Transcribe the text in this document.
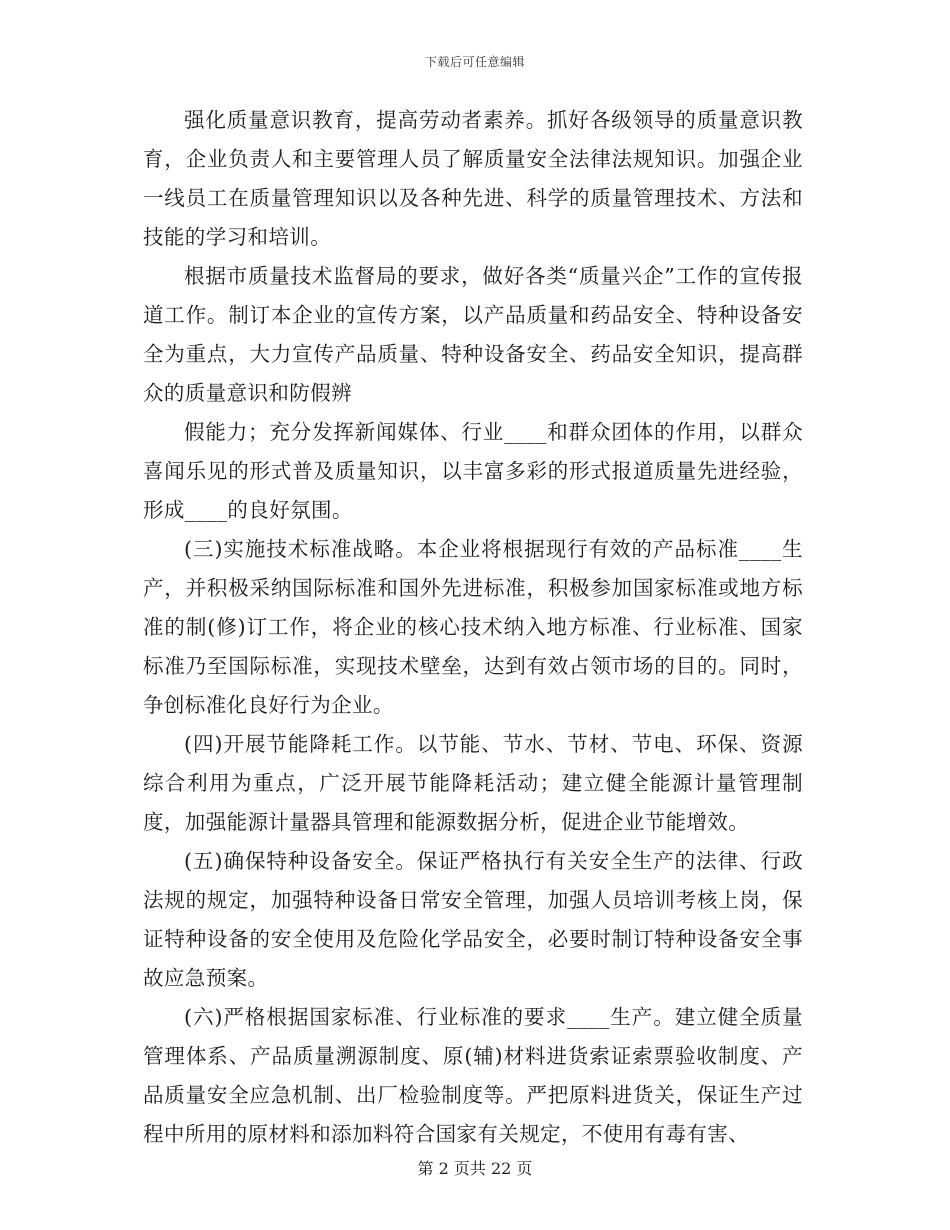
下载后可任意编辑

强化质量意识教育，提高劳动者素养。抓好各级领导的质量意识教育，企业负责人和主要管理人员了解质量安全法律法规知识。加强企业一线员工在质量管理知识以及各种先进、科学的质量管理技术、方法和技能的学习和培训。

根据市质量技术监督局的要求，做好各类“质量兴企”工作的宣传报道工作。制订本企业的宣传方案，以产品质量和药品安全、特种设备安全为重点，大力宣传产品质量、特种设备安全、药品安全知识，提高群众的质量意识和防假辨

假能力；充分发挥新闻媒体、行业____和群众团体的作用，以群众喜闻乐见的形式普及质量知识，以丰富多彩的形式报道质量先进经验，形成____的良好氛围。

(三)实施技术标准战略。本企业将根据现行有效的产品标准____生产，并积极采纳国际标准和国外先进标准，积极参加国家标准或地方标准的制(修)订工作，将企业的核心技术纳入地方标准、行业标准、国家标准乃至国际标准，实现技术壁垒，达到有效占领市场的目的。同时，争创标准化良好行为企业。

(四)开展节能降耗工作。以节能、节水、节材、节电、环保、资源综合利用为重点，广泛开展节能降耗活动；建立健全能源计量管理制度，加强能源计量器具管理和能源数据分析，促进企业节能增效。

(五)确保特种设备安全。保证严格执行有关安全生产的法律、行政法规的规定，加强特种设备日常安全管理，加强人员培训考核上岗，保证特种设备的安全使用及危险化学品安全，必要时制订特种设备安全事故应急预案。

(六)严格根据国家标准、行业标准的要求____生产。建立健全质量管理体系、产品质量溯源制度、原(辅)材料进货索证索票验收制度、产品质量安全应急机制、出厂检验制度等。严把原料进货关，保证生产过程中所用的原材料和添加料符合国家有关规定，不使用有毒有害、

第 2 页共 22 页
